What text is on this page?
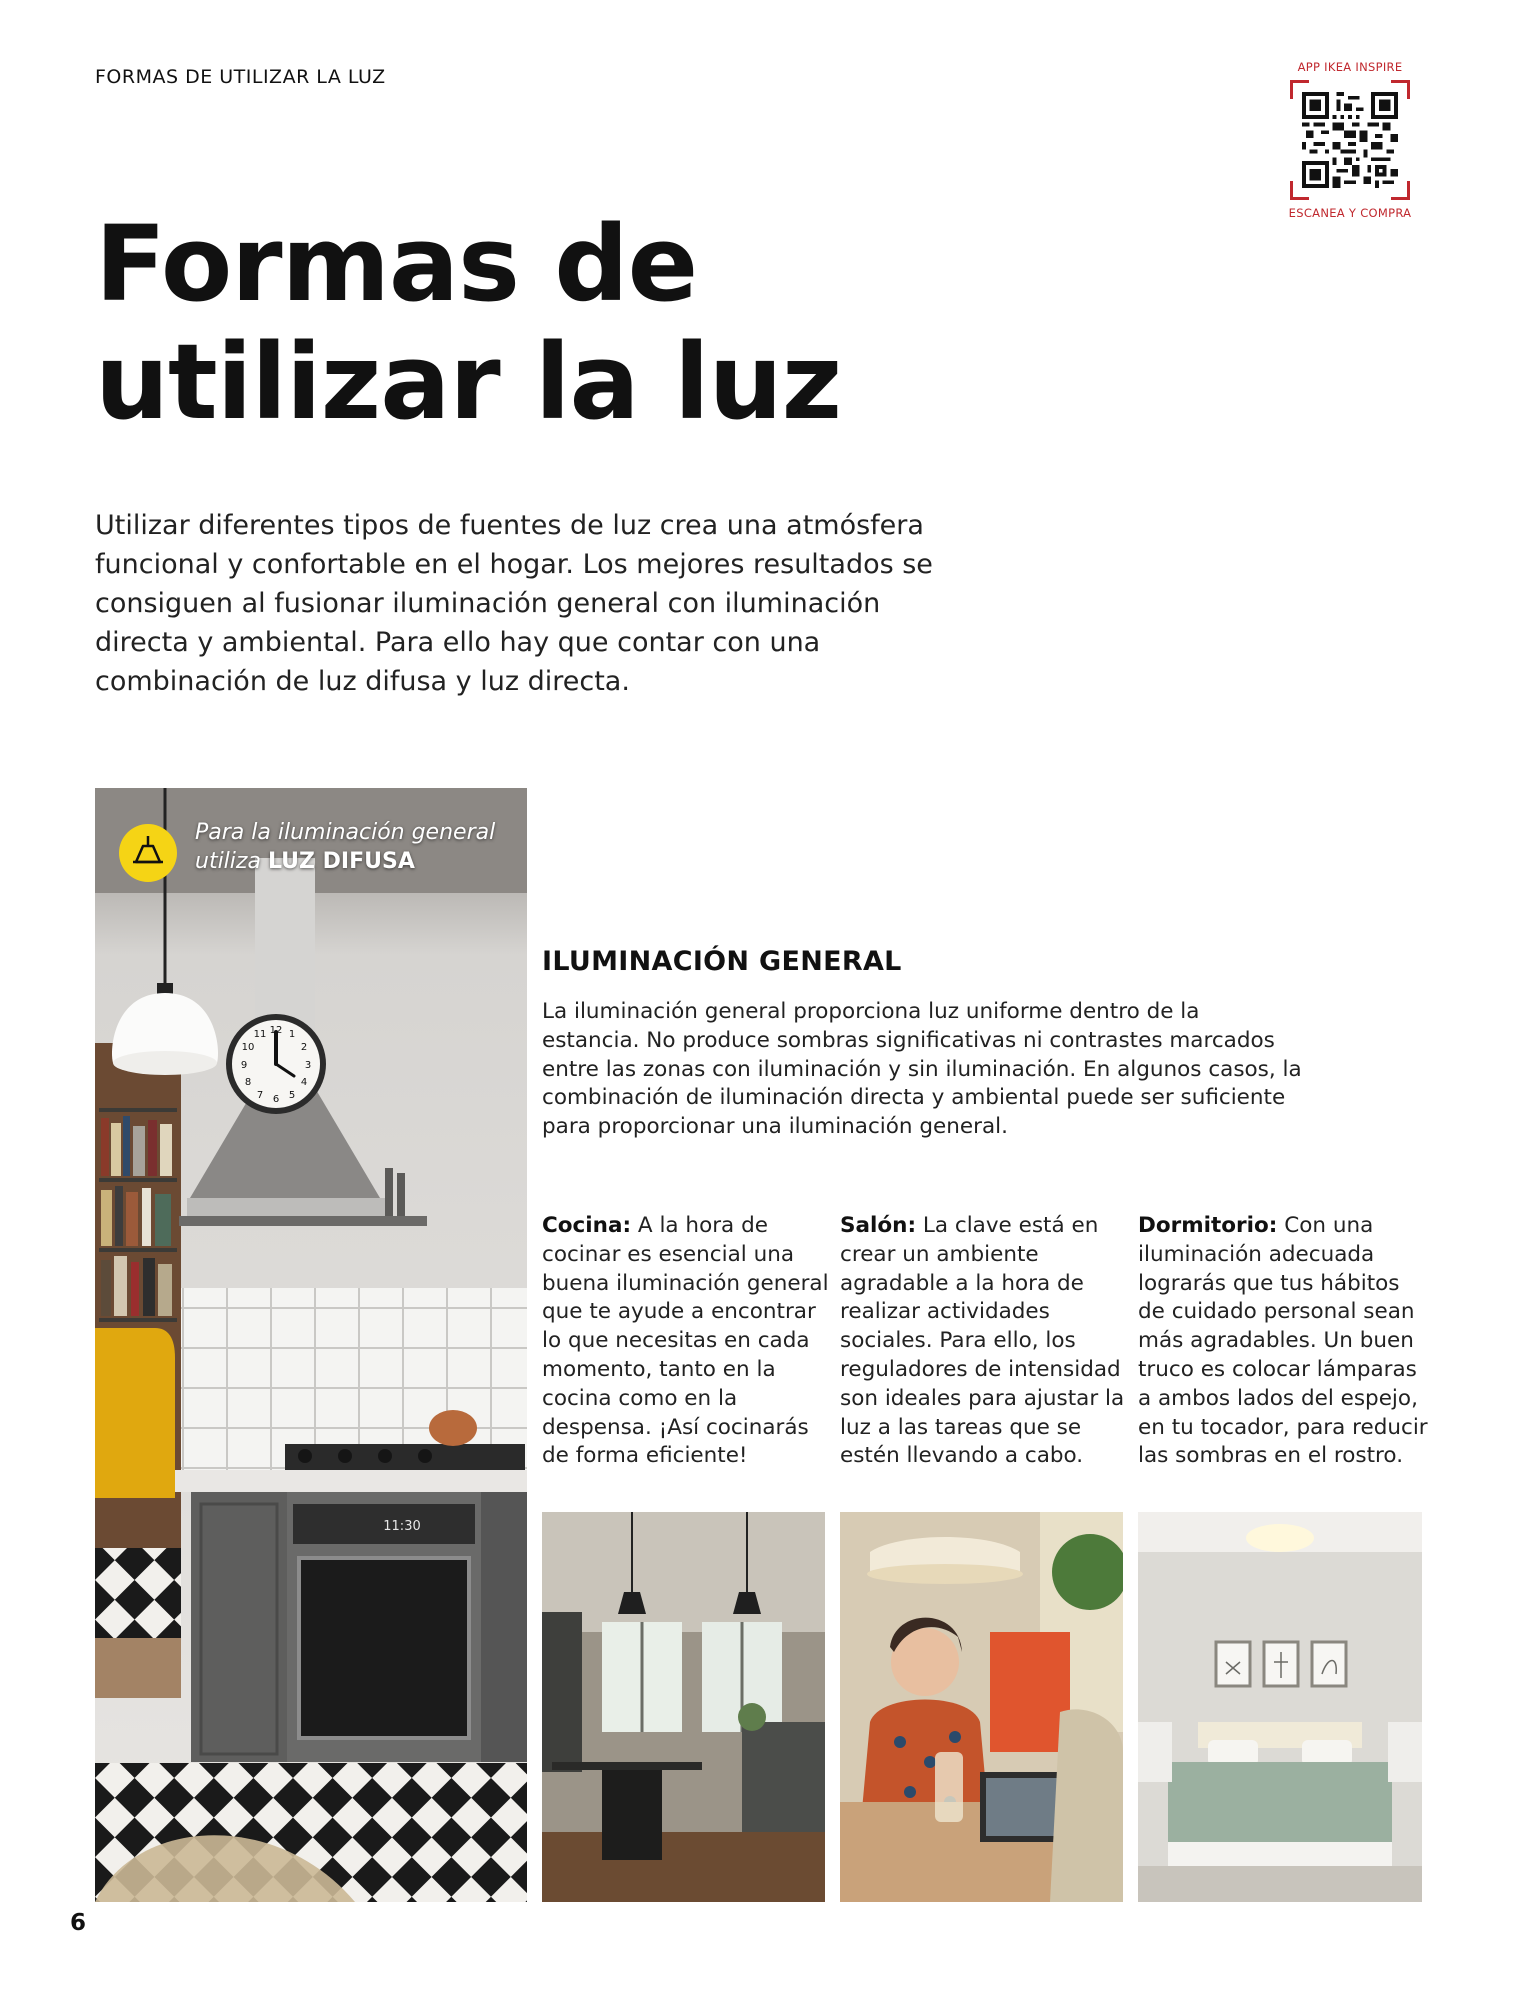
FORMAS DE UTILIZAR LA LUZ	APP IKEA INSPIRE
ESCANEA Y COMPRA
Formas de
utilizar la luz

Utilizar diferentes tipos de fuentes de luz crea una atmósfera funcional y confortable en el hogar. Los mejores resultados se consiguen al fusionar iluminación general con iluminación directa y ambiental. Para ello hay que contar con una combinación de luz difusa y luz directa.

12 1
2
3
4
5
6
7
8
9
10
11
11:30
Para la iluminación general
utiliza LUZ DIFUSA
ILUMINACIÓN GENERAL

La iluminación general proporciona luz uniforme dentro de la estancia. No produce sombras significativas ni contrastes marcados entre las zonas con iluminación y sin iluminación. En algunos casos, la combinación de iluminación directa y ambiental puede ser suficiente para proporcionar una iluminación general.

Cocina: A la hora de cocinar es esencial una buena iluminación general que te ayude a encontrar lo que necesitas en cada momento, tanto en la cocina como en la despensa. ¡Así cocinarás de forma eficiente!

Salón: La clave está en crear un ambiente agradable a la hora de realizar actividades sociales. Para ello, los reguladores de intensidad son ideales para ajustar la luz a las tareas que se estén llevando a cabo.

Dormitorio: Con una iluminación adecuada lograrás que tus hábitos de cuidado personal sean más agradables. Un buen truco es colocar lámparas a ambos lados del espejo, en tu tocador, para reducir las sombras en el rostro.

6
